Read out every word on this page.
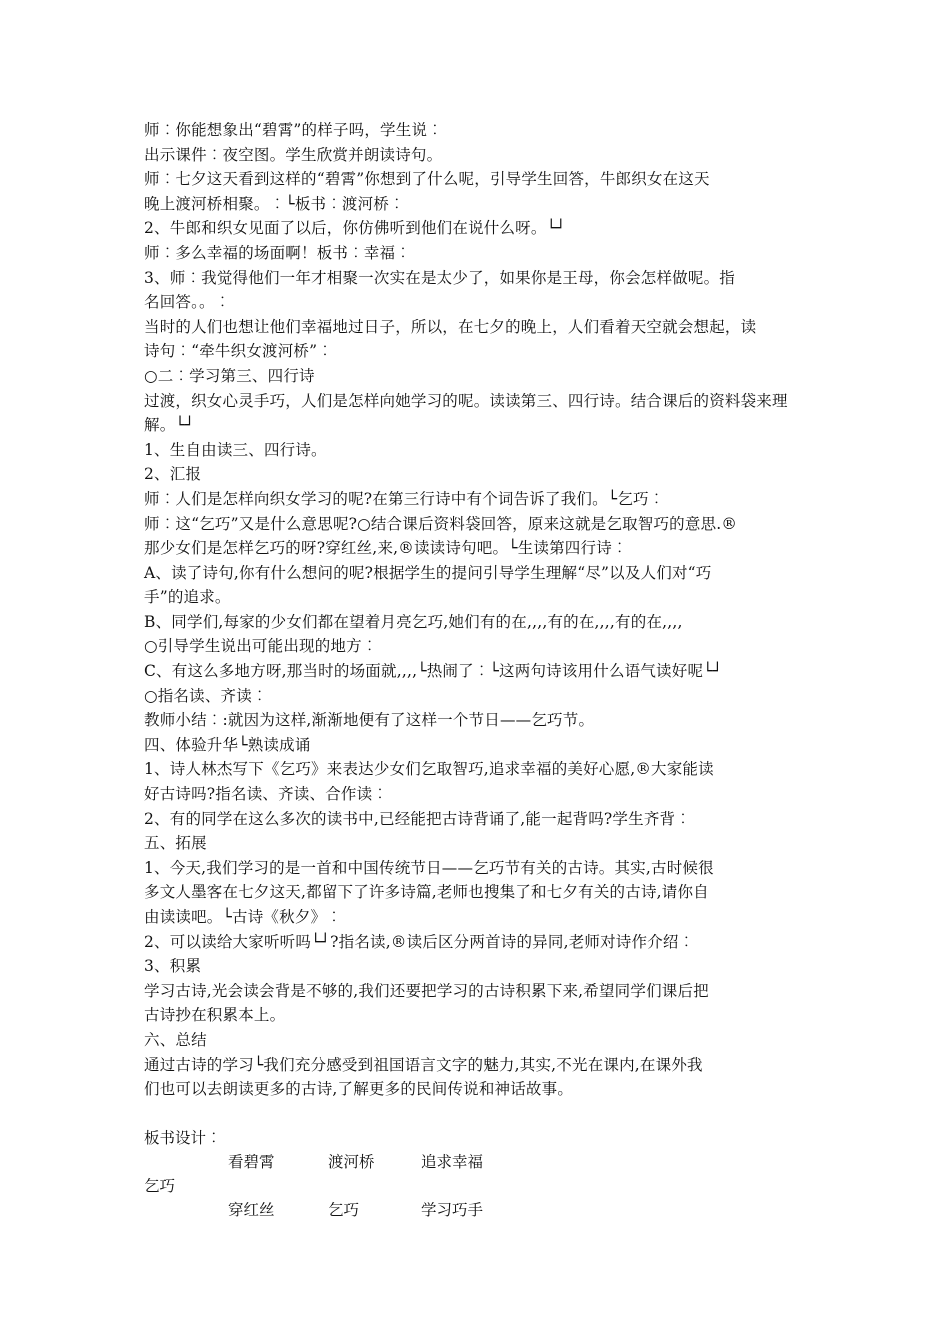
师︰你能想象出“碧霄”的样子吗，学生说︰
出示课件︰夜空图。学生欣赏并朗读诗句。
师︰七夕这天看到这样的“碧霄”你想到了什么呢，引导学生回答，牛郎织女在这天
晚上渡河桥相聚。︰└板书︰渡河桥︰
2、牛郎和织女见面了以后，你仿佛听到他们在说什么呀。└┘
师︰多么幸福的场面啊！板书︰幸福︰
3、师︰我觉得他们一年才相聚一次实在是太少了，如果你是王母，你会怎样做呢。指
名回答。。︰
当时的人们也想让他们幸福地过日子，所以，在七夕的晚上，人们看着天空就会想起，读
诗句︰“牵牛织女渡河桥”︰
○二︰学习第三、四行诗
过渡，织女心灵手巧，人们是怎样向她学习的呢。读读第三、四行诗。结合课后的资料袋来理
解。└┘
1、生自由读三、四行诗。
2、汇报
师︰人们是怎样向织女学习的呢?在第三行诗中有个词告诉了我们。└乞巧︰
师︰这“乞巧”又是什么意思呢?○结合课后资料袋回答，原来这就是乞取智巧的意思.®
那少女们是怎样乞巧的呀?穿红丝,来,®读读诗句吧。└生读第四行诗︰
A、读了诗句,你有什么想问的呢?根据学生的提问引导学生理解“尽”以及人们对“巧
手”的追求。
B、同学们,每家的少女们都在望着月亮乞巧,她们有的在,,,,有的在,,,,有的在,,,,
○引导学生说出可能出现的地方︰
C、有这么多地方呀,那当时的场面就,,,,└热闹了︰└这两句诗该用什么语气读好呢└┘
○指名读、齐读︰
教师小结︰:就因为这样,渐渐地便有了这样一个节日——乞巧节。
四、体验升华└熟读成诵
1、诗人林杰写下《乞巧》来表达少女们乞取智巧,追求幸福的美好心愿,®大家能读
好古诗吗?指名读、齐读、合作读︰
2、有的同学在这么多次的读书中,已经能把古诗背诵了,能一起背吗?学生齐背︰
五、拓展
1、今天,我们学习的是一首和中国传统节日——乞巧节有关的古诗。其实,古时候很
多文人墨客在七夕这天,都留下了许多诗篇,老师也搜集了和七夕有关的古诗,请你自
由读读吧。└古诗《秋夕》︰
2、可以读给大家听听吗└┘?指名读,®读后区分两首诗的异同,老师对诗作介绍︰
3、积累
学习古诗,光会读会背是不够的,我们还要把学习的古诗积累下来,希望同学们课后把
古诗抄在积累本上。
六、总结
通过古诗的学习└我们充分感受到祖国语言文字的魅力,其实,不光在课内,在课外我
们也可以去朗读更多的古诗,了解更多的民间传说和神话故事。
板书设计︰
看碧霄	渡河桥	追求幸福
乞巧
穿红丝	乞巧	学习巧手
